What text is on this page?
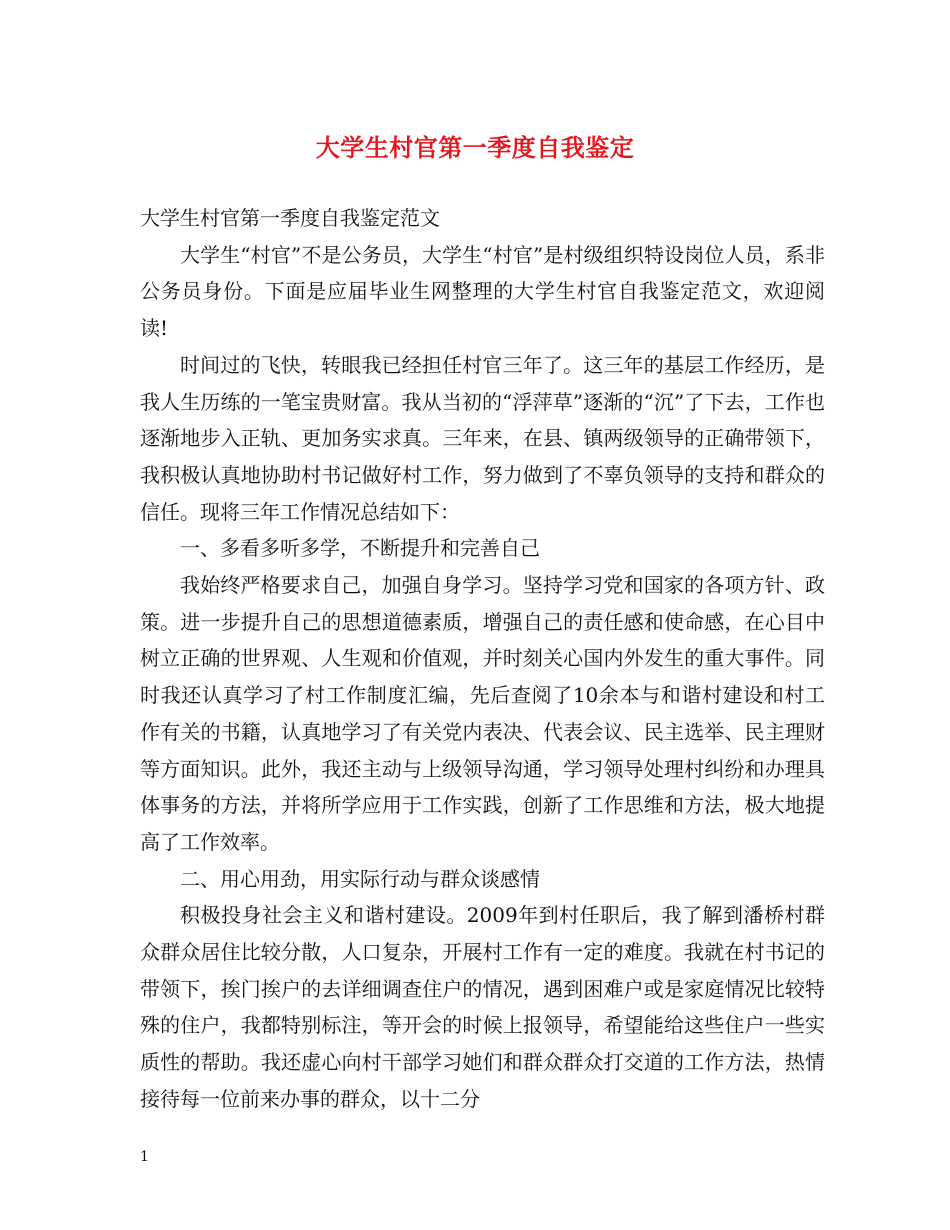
大学生村官第一季度自我鉴定

大学生村官第一季度自我鉴定范文

大学生“村官”不是公务员，大学生“村官”是村级组织特设岗位人员，系非公务员身份。下面是应届毕业生网整理的大学生村官自我鉴定范文，欢迎阅读!

时间过的飞快，转眼我已经担任村官三年了。这三年的基层工作经历，是我人生历练的一笔宝贵财富。我从当初的“浮萍草”逐渐的“沉”了下去，工作也逐渐地步入正轨、更加务实求真。三年来，在县、镇两级领导的正确带领下，我积极认真地协助村书记做好村工作，努力做到了不辜负领导的支持和群众的信任。现将三年工作情况总结如下：

一、多看多听多学，不断提升和完善自己

我始终严格要求自己，加强自身学习。坚持学习党和国家的各项方针、政策。进一步提升自己的思想道德素质，增强自己的责任感和使命感，在心目中树立正确的世界观、人生观和价值观，并时刻关心国内外发生的重大事件。同时我还认真学习了村工作制度汇编，先后查阅了10余本与和谐村建设和村工作有关的书籍，认真地学习了有关党内表决、代表会议、民主选举、民主理财等方面知识。此外，我还主动与上级领导沟通，学习领导处理村纠纷和办理具体事务的方法，并将所学应用于工作实践，创新了工作思维和方法，极大地提高了工作效率。

二、用心用劲，用实际行动与群众谈感情

积极投身社会主义和谐村建设。2009年到村任职后，我了解到潘桥村群众群众居住比较分散，人口复杂，开展村工作有一定的难度。我就在村书记的带领下，挨门挨户的去详细调查住户的情况，遇到困难户或是家庭情况比较特殊的住户，我都特别标注，等开会的时候上报领导，希望能给这些住户一些实质性的帮助。我还虚心向村干部学习她们和群众群众打交道的工作方法，热情接待每一位前来办事的群众，以十二分

1
